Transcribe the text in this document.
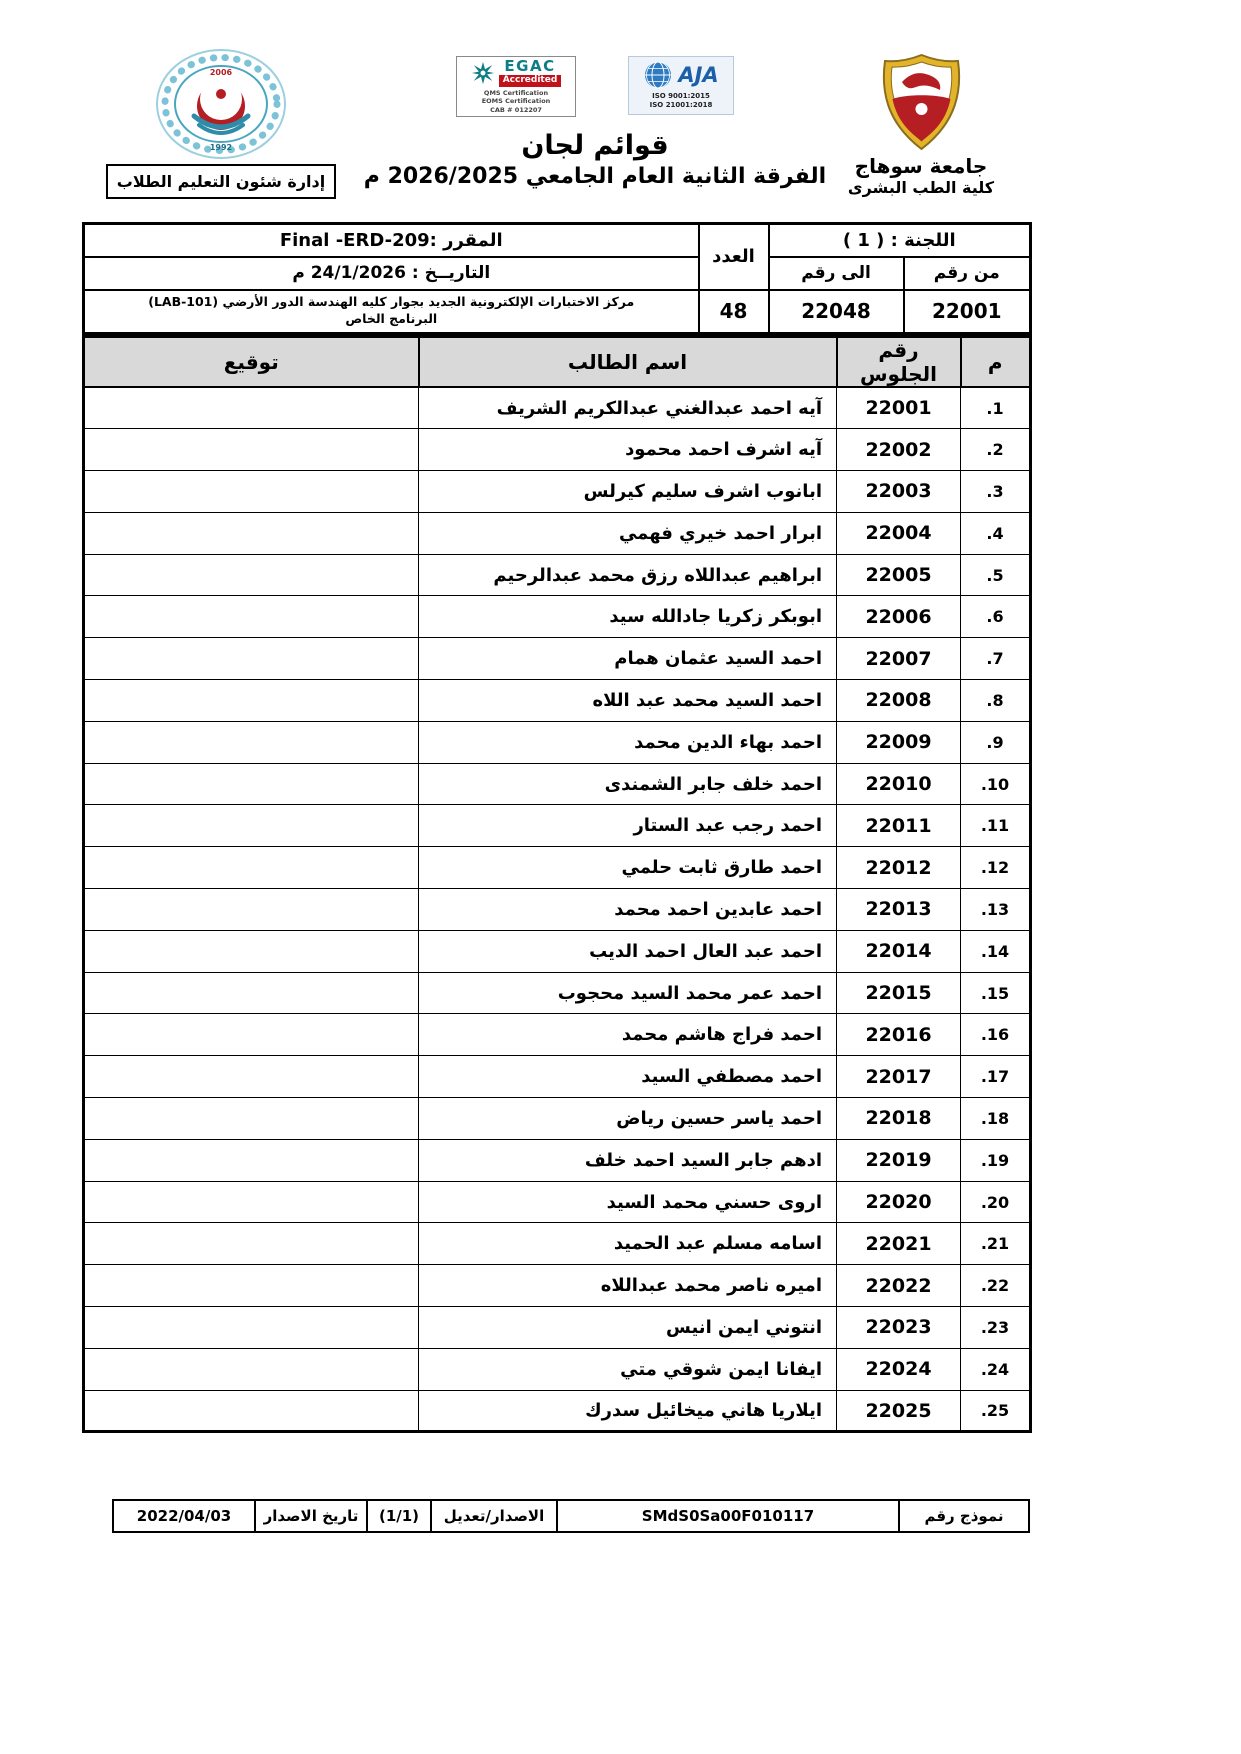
2006
1992
إدارة شئون التعليم الطلاب
EGAC
Accredited
QMS Certification
EOMS Certification
CAB # 012207
AJA
ISO 9001:2015
ISO 21001:2018
قوائم لجان
الفرقة الثانية العام الجامعي 2026/2025 م	جامعة سوهاج
كلية الطب البشرى
اللجنة : ( 1 )		العدد	المقرر :Final -ERD-209
من رقم	الى رقم		التاريــخ : 24/1/2026 م
22001	22048	48	مركز الاختبارات الإلكترونية الجديد بجوار كليه الهندسة الدور الأرضي (LAB-101)
البرنامج الخاص
م	رقم الجلوس	اسم الطالب	توقيع
.1	22001	آيه احمد عبدالغني عبدالكريم الشريف	
.2	22002	آيه اشرف احمد محمود	
.3	22003	ابانوب اشرف سليم كيرلس	
.4	22004	ابرار احمد خيري فهمي	
.5	22005	ابراهيم عبداللاه رزق محمد عبدالرحيم	
.6	22006	ابوبكر زكريا جادالله سيد	
.7	22007	احمد السيد عثمان همام	
.8	22008	احمد السيد محمد عبد اللاه	
.9	22009	احمد بهاء الدين محمد	
.10	22010	احمد خلف جابر الشمندى	
.11	22011	احمد رجب عبد الستار	
.12	22012	احمد طارق ثابت حلمي	
.13	22013	احمد عابدين احمد محمد	
.14	22014	احمد عبد العال احمد الديب	
.15	22015	احمد عمر محمد السيد محجوب	
.16	22016	احمد فراج هاشم محمد	
.17	22017	احمد مصطفي السيد	
.18	22018	احمد ياسر حسين رياض	
.19	22019	ادهم جابر السيد احمد خلف	
.20	22020	اروى حسني محمد السيد	
.21	22021	اسامه مسلم عبد الحميد	
.22	22022	اميره ناصر محمد عبداللاه	
.23	22023	انتوني ايمن انيس	
.24	22024	ايفانا ايمن شوقي متي	
.25	22025	ايلاريا هاني ميخائيل سدرك	
نموذج رقم	SMdS0Sa00F010117	الاصدار/تعديل	(1/1)	تاريخ الاصدار	2022/04/03
